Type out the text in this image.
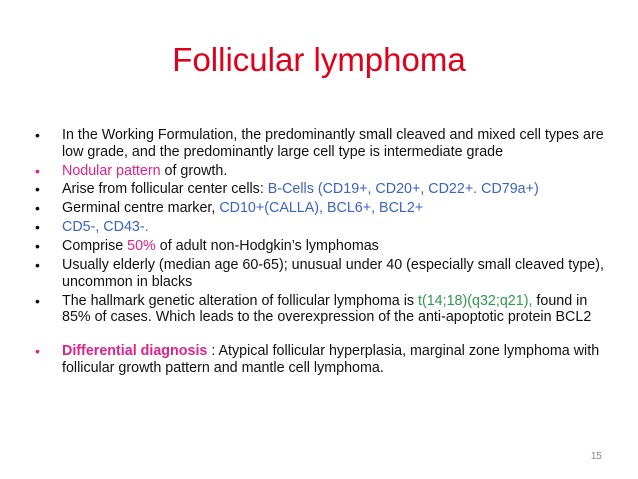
Follicular lymphoma
• In the Working Formulation, the predominantly small cleaved and mixed cell types are low grade, and the predominantly large cell type is intermediate grade
• Nodular pattern of growth.
• Arise from follicular center cells: B-Cells (CD19+, CD20+, CD22+. CD79a+)
• Germinal centre marker, CD10+(CALLA), BCL6+, BCL2+
• CD5-, CD43-.
• Comprise 50% of adult non-Hodgkin’s lymphomas
• Usually elderly (median age 60-65); unusual under 40 (especially small cleaved type), uncommon in blacks
• The hallmark genetic alteration of follicular lymphoma is t(14;18)(q32;q21), found in 85% of cases. Which leads to the overexpression of the anti-apoptotic protein BCL2
• Differential diagnosis : Atypical follicular hyperplasia, marginal zone lymphoma with follicular growth pattern and mantle cell lymphoma.
15
